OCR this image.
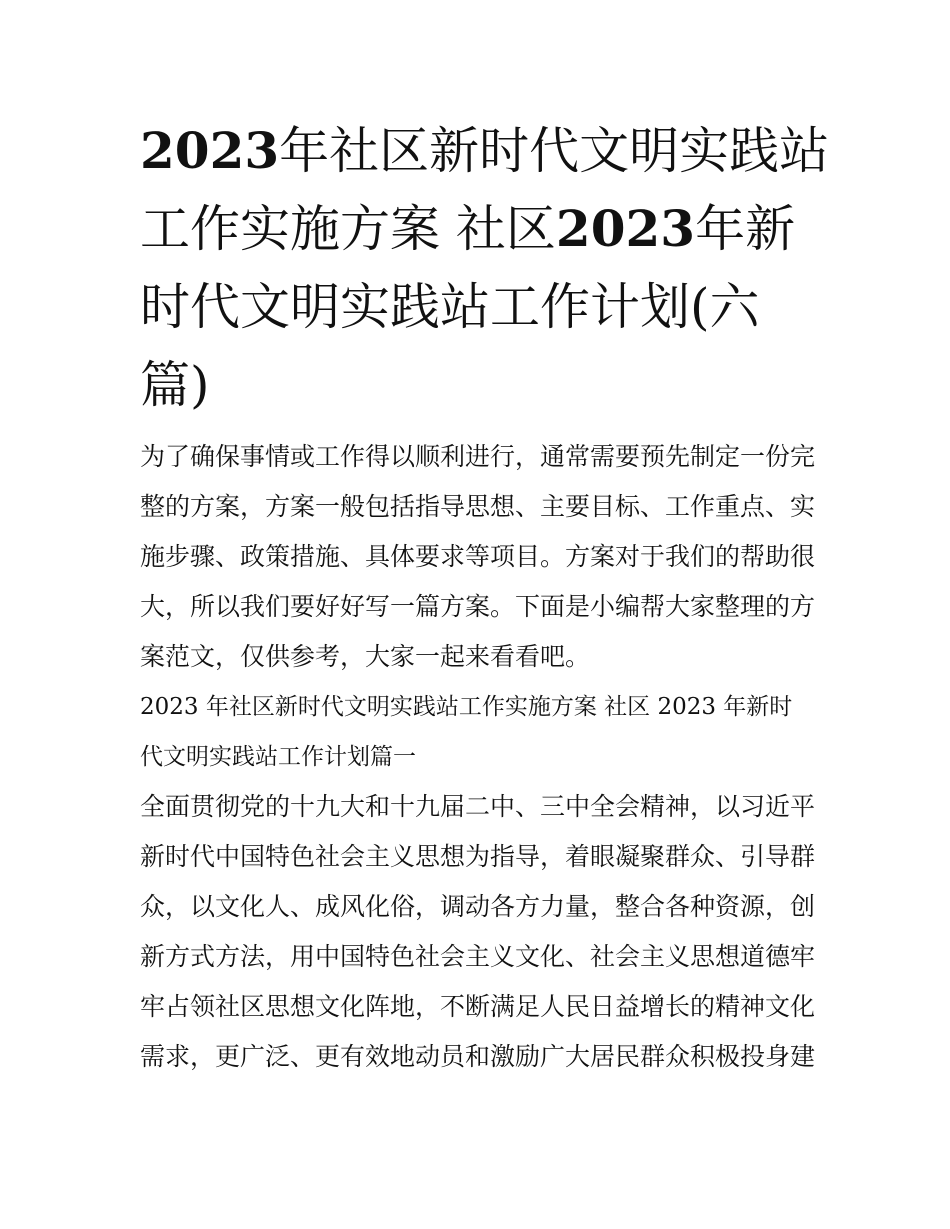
2023年社区新时代文明实践站
工作实施方案 社区2023年新
时代文明实践站工作计划(六
篇)
为了确保事情或工作得以顺利进行，通常需要预先制定一份完
整的方案，方案一般包括指导思想、主要目标、工作重点、实
施步骤、政策措施、具体要求等项目。方案对于我们的帮助很
大，所以我们要好好写一篇方案。下面是小编帮大家整理的方
案范文，仅供参考，大家一起来看看吧。
2023 年社区新时代文明实践站工作实施方案 社区 2023 年新时
代文明实践站工作计划篇一
全面贯彻党的十九大和十九届二中、三中全会精神，以习近平
新时代中国特色社会主义思想为指导，着眼凝聚群众、引导群
众，以文化人、成风化俗，调动各方力量，整合各种资源，创
新方式方法，用中国特色社会主义文化、社会主义思想道德牢
牢占领社区思想文化阵地，不断满足人民日益增长的精神文化
需求，更广泛、更有效地动员和激励广大居民群众积极投身建
